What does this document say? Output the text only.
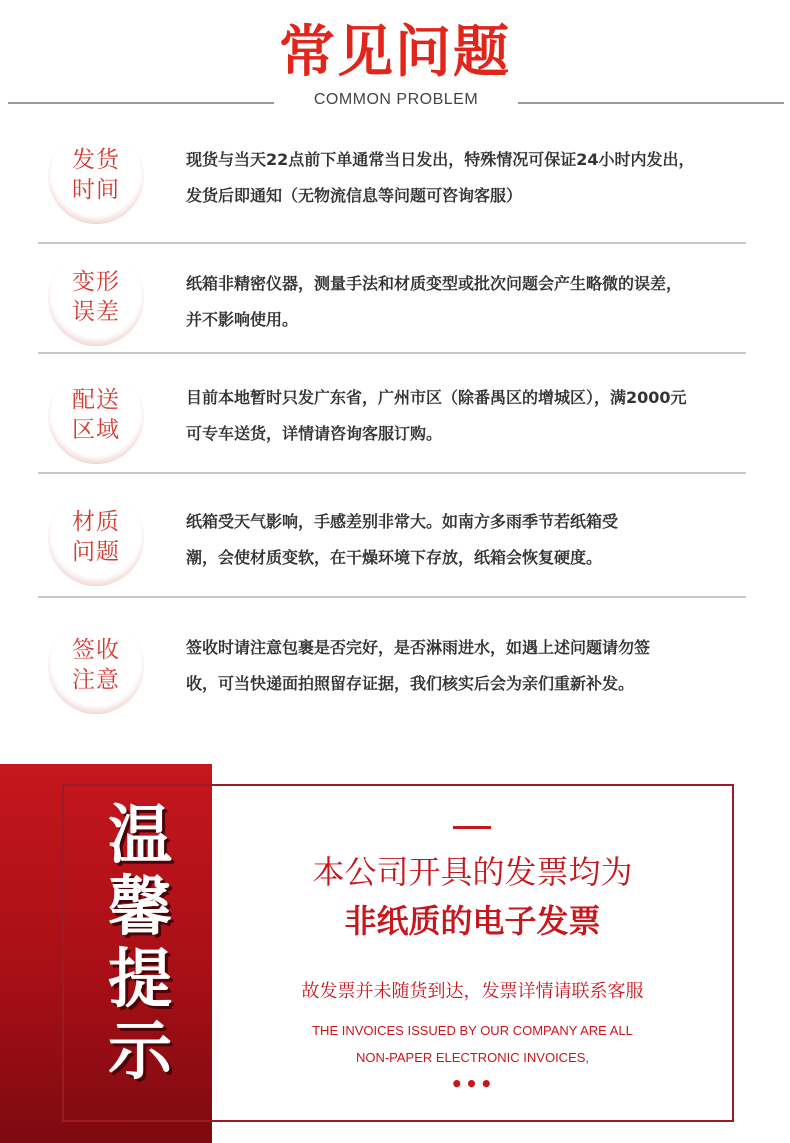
常见问题
COMMON PROBLEM
发货
时间
现货与当天22点前下单通常当日发出，特殊情况可保证24小时内发出，
发货后即通知（无物流信息等问题可咨询客服）
变形
误差
纸箱非精密仪器，测量手法和材质变型或批次问题会产生略微的误差，
并不影响使用。
配送
区域
目前本地暂时只发广东省，广州市区（除番禺区的增城区），满2000元
可专车送货，详情请咨询客服订购。
材质
问题
纸箱受天气影响，手感差别非常大。如南方多雨季节若纸箱受
潮，会使材质变软，在干燥环境下存放，纸箱会恢复硬度。
签收
注意
签收时请注意包裹是否完好，是否淋雨进水，如遇上述问题请勿签
收，可当快递面拍照留存证据，我们核实后会为亲们重新补发。
温
馨
提
示
本公司开具的发票均为
非纸质的电子发票
故发票并未随货到达，发票详情请联系客服
THE INVOICES ISSUED BY OUR COMPANY ARE ALL
NON-PAPER ELECTRONIC INVOICES,
•••
